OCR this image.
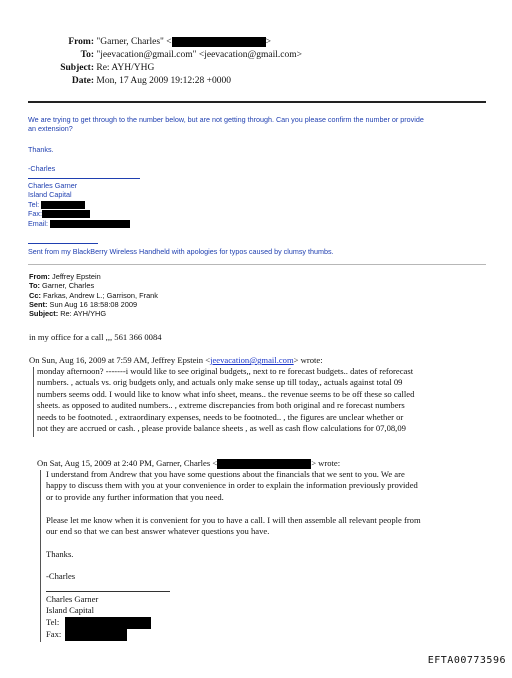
From: "Garner, Charles" <	>
To: "jeevacation@gmail.com" <jeevacation@gmail.com>
Subject: Re: AYH/YHG
Date: Mon, 17 Aug 2009 19:12:28 +0000
We are trying to get through to the number below, but are not getting through. Can you please confirm the number or provide
an extension?
Thanks.
-Charles
Charles Garner
Island Capital
Tel:
Fax:
Email:
Sent from my BlackBerry Wireless Handheld with apologies for typos caused by clumsy thumbs.
From: Jeffrey Epstein
To: Garner, Charles
Cc: Farkas, Andrew L.; Garrison, Frank
Sent: Sun Aug 16 18:58:08 2009
Subject: Re: AYH/YHG
in my office for a call ,,, 561 366 0084
On Sun, Aug 16, 2009 at 7:59 AM, Jeffrey Epstein <jeevacation@gmail.com> wrote:
monday afternoon? -------i would like to see original budgets,, next to re forecast budgets.. dates of reforecast
numbers. , actuals vs. orig budgets only, and actuals only make sense up till today,, actuals against total 09
numbers seems odd. I would like to know what info sheet, means.. the revenue seems to be off these so called
sheets. as opposed to audited numbers.. , extreme discrepancies from both original and re forecast numbers
needs to be footnoted. , extraordinary expenses, needs to be footnoted.. , the figures are unclear whether or
not they are accrued or cash. , please provide balance sheets , as well as cash flow calculations for 07,08,09
On Sat, Aug 15, 2009 at 2:40 PM, Garner, Charles <	> wrote:
I understand from Andrew that you have some questions about the financials that we sent to you. We are
happy to discuss them with you at your convenience in order to explain the information previously provided
or to provide any further information that you need.
Please let me know when it is convenient for you to have a call. I will then assemble all relevant people from
our end so that we can best answer whatever questions you have.
Thanks.
-Charles
Charles Garner
Island Capital
Tel:
Fax:
EFTA00773596
